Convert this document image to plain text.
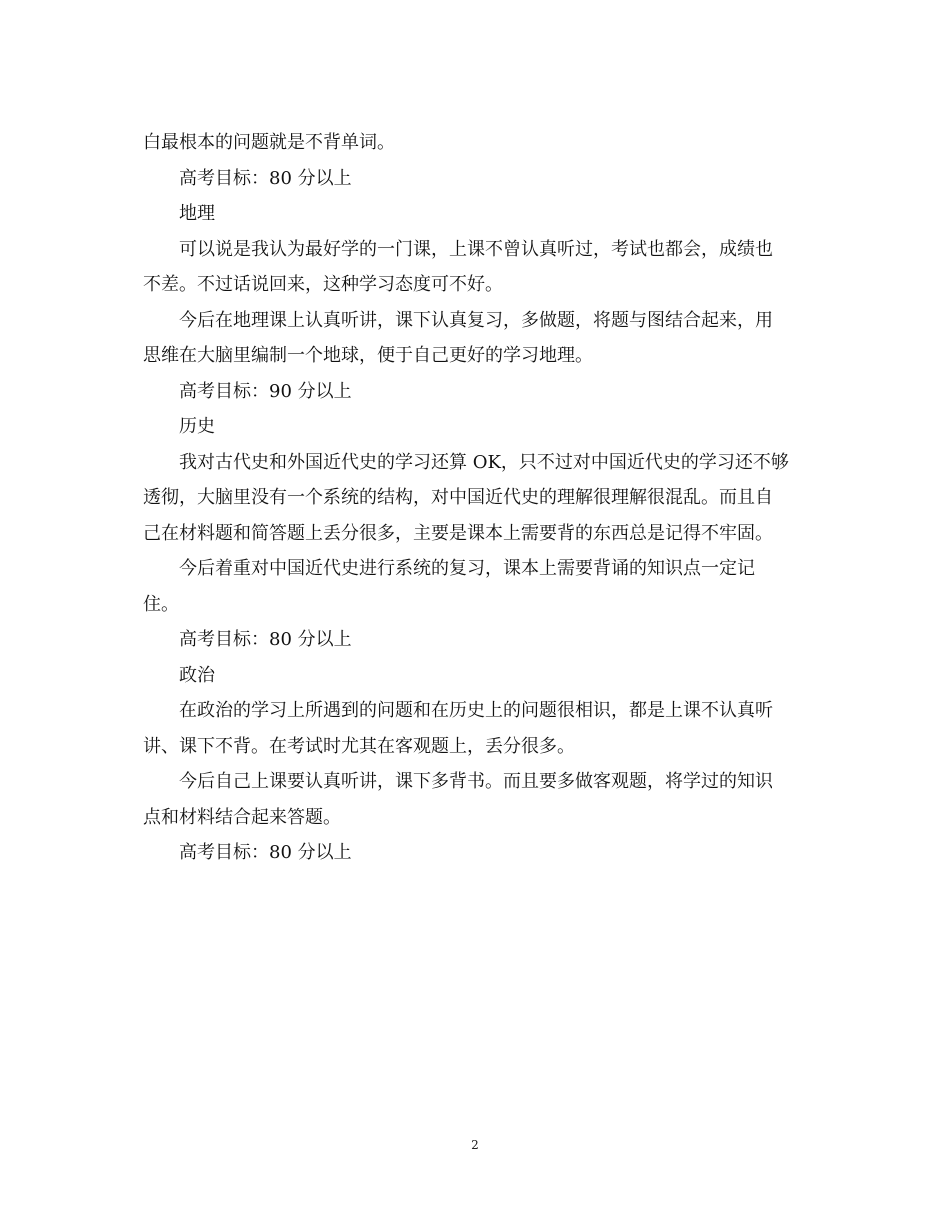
白最根本的问题就是不背单词。
高考目标：80 分以上
地理
可以说是我认为最好学的一门课，上课不曾认真听过，考试也都会，成绩也
不差。不过话说回来，这种学习态度可不好。
今后在地理课上认真听讲，课下认真复习，多做题，将题与图结合起来，用
思维在大脑里编制一个地球，便于自己更好的学习地理。
高考目标：90 分以上
历史
我对古代史和外国近代史的学习还算 OK，只不过对中国近代史的学习还不够
透彻，大脑里没有一个系统的结构，对中国近代史的理解很理解很混乱。而且自
己在材料题和简答题上丢分很多，主要是课本上需要背的东西总是记得不牢固。
今后着重对中国近代史进行系统的复习，课本上需要背诵的知识点一定记
住。
高考目标：80 分以上
政治
在政治的学习上所遇到的问题和在历史上的问题很相识，都是上课不认真听
讲、课下不背。在考试时尤其在客观题上，丢分很多。
今后自己上课要认真听讲，课下多背书。而且要多做客观题，将学过的知识
点和材料结合起来答题。
高考目标：80 分以上
2
